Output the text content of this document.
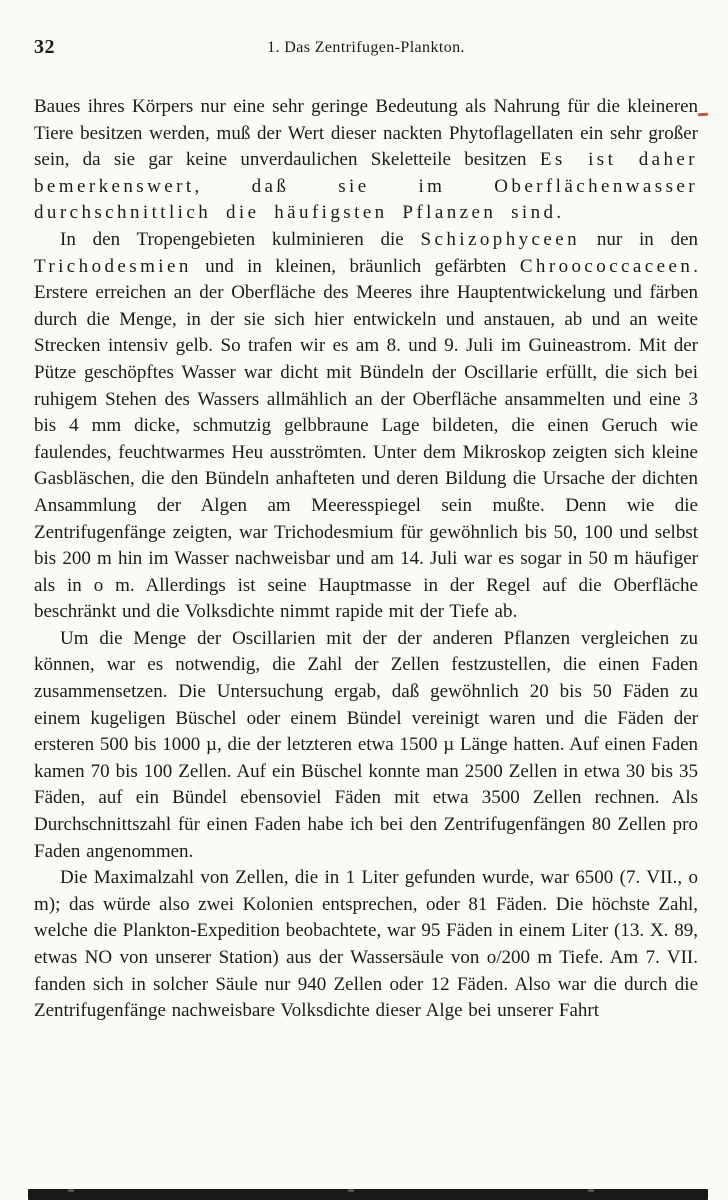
32	1. Das Zentrifugen-Plankton.

Baues ihres Körpers nur eine sehr geringe Bedeutung als Nahrung für die kleineren Tiere besitzen werden, muß der Wert dieser nackten Phytoflagellaten ein sehr großer sein, da sie gar keine unverdaulichen Skeletteile besitzen Es ist daher bemerkenswert, daß sie im Oberflächenwasser durchschnittlich die häufigsten Pflanzen sind.

In den Tropengebieten kulminieren die Schizophyceen nur in den Trichodesmien und in kleinen, bräunlich gefärbten Chroococcaceen. Erstere erreichen an der Oberfläche des Meeres ihre Hauptentwickelung und färben durch die Menge, in der sie sich hier entwickeln und anstauen, ab und an weite Strecken intensiv gelb. So trafen wir es am 8. und 9. Juli im Guineastrom. Mit der Pütze geschöpftes Wasser war dicht mit Bündeln der Oscillarie erfüllt, die sich bei ruhigem Stehen des Wassers allmählich an der Oberfläche ansammelten und eine 3 bis 4 mm dicke, schmutzig gelbbraune Lage bildeten, die einen Geruch wie faulendes, feuchtwarmes Heu ausströmten. Unter dem Mikroskop zeigten sich kleine Gasbläschen, die den Bündeln anhafteten und deren Bildung die Ursache der dichten Ansammlung der Algen am Meeresspiegel sein mußte. Denn wie die Zentrifugenfänge zeigten, war Trichodesmium für gewöhnlich bis 50, 100 und selbst bis 200 m hin im Wasser nachweisbar und am 14. Juli war es sogar in 50 m häufiger als in o m. Allerdings ist seine Hauptmasse in der Regel auf die Oberfläche beschränkt und die Volksdichte nimmt rapide mit der Tiefe ab.

Um die Menge der Oscillarien mit der der anderen Pflanzen vergleichen zu können, war es notwendig, die Zahl der Zellen festzustellen, die einen Faden zusammensetzen. Die Untersuchung ergab, daß gewöhnlich 20 bis 50 Fäden zu einem kugeligen Büschel oder einem Bündel vereinigt waren und die Fäden der ersteren 500 bis 1000 µ, die der letzteren etwa 1500 µ Länge hatten. Auf einen Faden kamen 70 bis 100 Zellen. Auf ein Büschel konnte man 2500 Zellen in etwa 30 bis 35 Fäden, auf ein Bündel ebensoviel Fäden mit etwa 3500 Zellen rechnen. Als Durchschnittszahl für einen Faden habe ich bei den Zentrifugenfängen 80 Zellen pro Faden angenommen.

Die Maximalzahl von Zellen, die in 1 Liter gefunden wurde, war 6500 (7. VII., o m); das würde also zwei Kolonien entsprechen, oder 81 Fäden. Die höchste Zahl, welche die Plankton-Expedition beobachtete, war 95 Fäden in einem Liter (13. X. 89, etwas NO von unserer Station) aus der Wassersäule von o/200 m Tiefe. Am 7. VII. fanden sich in solcher Säule nur 940 Zellen oder 12 Fäden. Also war die durch die Zentrifugenfänge nachweisbare Volksdichte dieser Alge bei unserer Fahrt
